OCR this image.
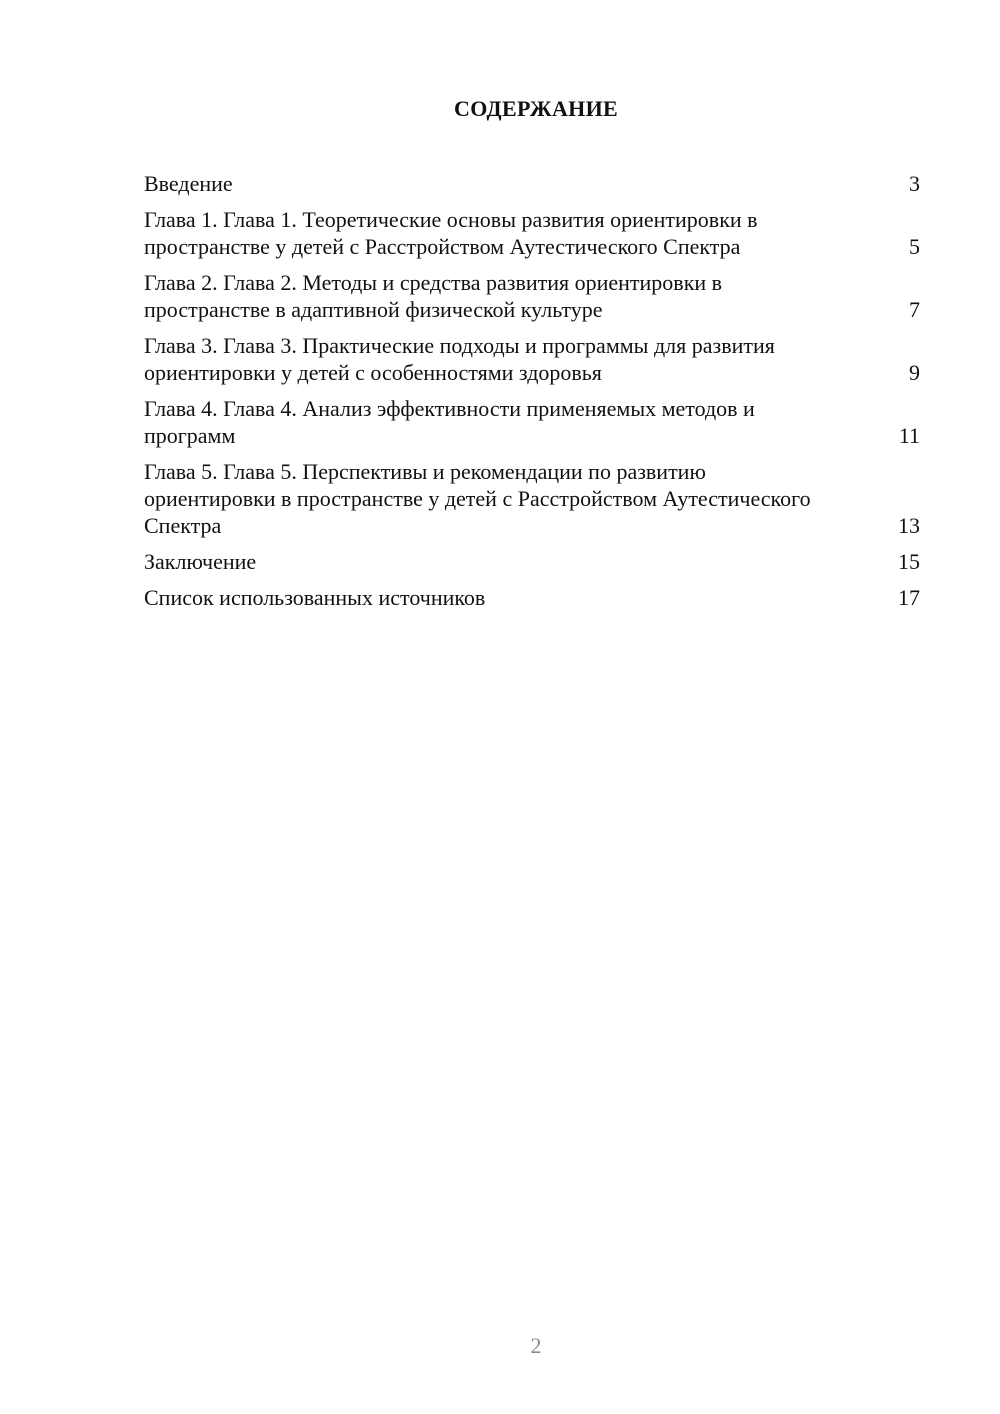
СОДЕРЖАНИЕ
Введение	3
Глава 1. Глава 1. Теоретические основы развития ориентировки в пространстве у детей с Расстройством Аутестического Спектра	5
Глава 2. Глава 2. Методы и средства развития ориентировки в пространстве в адаптивной физической культуре	7
Глава 3. Глава 3. Практические подходы и программы для развития ориентировки у детей с особенностями здоровья	9
Глава 4. Глава 4. Анализ эффективности применяемых методов и программ	11
Глава 5. Глава 5. Перспективы и рекомендации по развитию ориентировки в пространстве у детей с Расстройством Аутестического Спектра	13
Заключение	15
Список использованных источников	17
2
